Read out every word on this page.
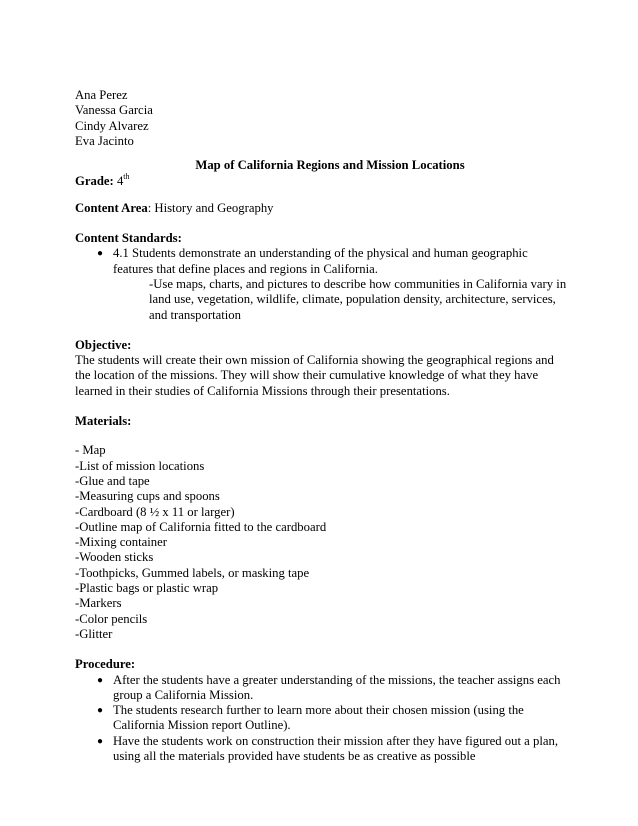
Ana Perez
Vanessa Garcia
Cindy Alvarez
Eva Jacinto
Map of California Regions and Mission Locations
Grade: 4th
Content Area: History and Geography
Content Standards:
● 4.1 Students demonstrate an understanding of the physical and human geographic
features that define places and regions in California.
-Use maps, charts, and pictures to describe how communities in California vary in
land use, vegetation, wildlife, climate, population density, architecture, services,
and transportation
Objective:
The students will create their own mission of California showing the geographical regions and
the location of the missions. They will show their cumulative knowledge of what they have
learned in their studies of California Missions through their presentations.
Materials:
- Map
-List of mission locations
-Glue and tape
-Measuring cups and spoons
-Cardboard (8 ½ x 11 or larger)
-Outline map of California fitted to the cardboard
-Mixing container
-Wooden sticks
-Toothpicks, Gummed labels, or masking tape
-Plastic bags or plastic wrap
-Markers
-Color pencils
-Glitter
Procedure:
● After the students have a greater understanding of the missions, the teacher assigns each
group a California Mission.
● The students research further to learn more about their chosen mission (using the
California Mission report Outline).
● Have the students work on construction their mission after they have figured out a plan,
using all the materials provided have students be as creative as possible
